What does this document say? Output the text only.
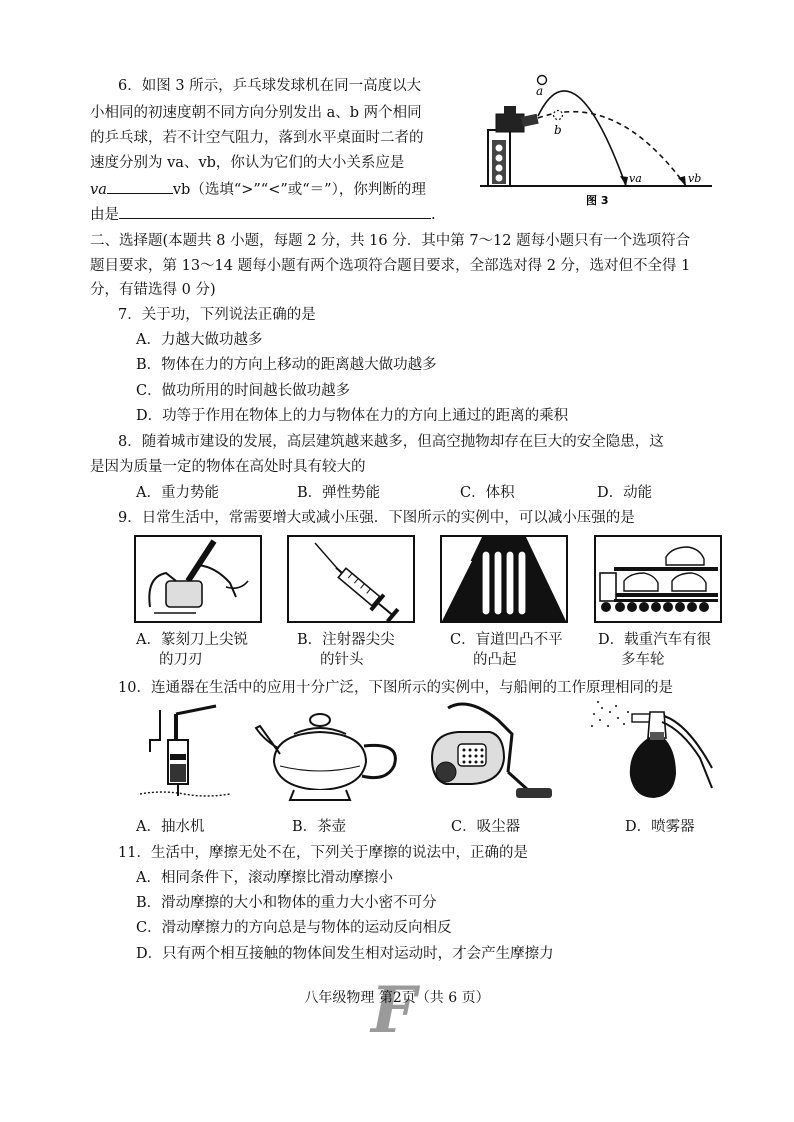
6．如图 3 所示，乒乓球发球机在同一高度以大
小相同的初速度朝不同方向分别发出 a、b 两个相同
的乒乓球，若不计空气阻力，落到水平桌面时二者的
速度分别为 va、vb，你认为它们的大小关系应是
va	vb（选填“>”“<”或“＝”），你判断的理
由是	.
a
b
va	vb
图 3
二、选择题(本题共 8 小题，每题 2 分，共 16 分．其中第 7～12 题每小题只有一个选项符合
题目要求，第 13～14 题每小题有两个选项符合题目要求，全部选对得 2 分，选对但不全得 1
分，有错选得 0 分)
7．关于功，下列说法正确的是
A．力越大做功越多
B．物体在力的方向上移动的距离越大做功越多
C．做功所用的时间越长做功越多
D．功等于作用在物体上的力与物体在力的方向上通过的距离的乘积
8．随着城市建设的发展，高层建筑越来越多，但高空抛物却存在巨大的安全隐患，这
是因为质量一定的物体在高处时具有较大的
A．重力势能	B．弹性势能	C．体积	D．动能
9．日常生活中，常需要增大或减小压强．下图所示的实例中，可以减小压强的是
A．篆刻刀上尖锐
的刀刃
B．注射器尖尖
的针头
C．盲道凹凸不平
的凸起
D．载重汽车有很
多车轮
10．连通器在生活中的应用十分广泛，下图所示的实例中，与船闸的工作原理相同的是
A．抽水机	B．茶壶	C．吸尘器	D．喷雾器
11．生活中，摩擦无处不在，下列关于摩擦的说法中，正确的是
A．相同条件下，滚动摩擦比滑动摩擦小
B．滑动摩擦的大小和物体的重力大小密不可分
C．滑动摩擦力的方向总是与物体的运动反向相反
D．只有两个相互接触的物体间发生相对运动时，才会产生摩擦力
F
八年级物理 第2页（共 6 页）
